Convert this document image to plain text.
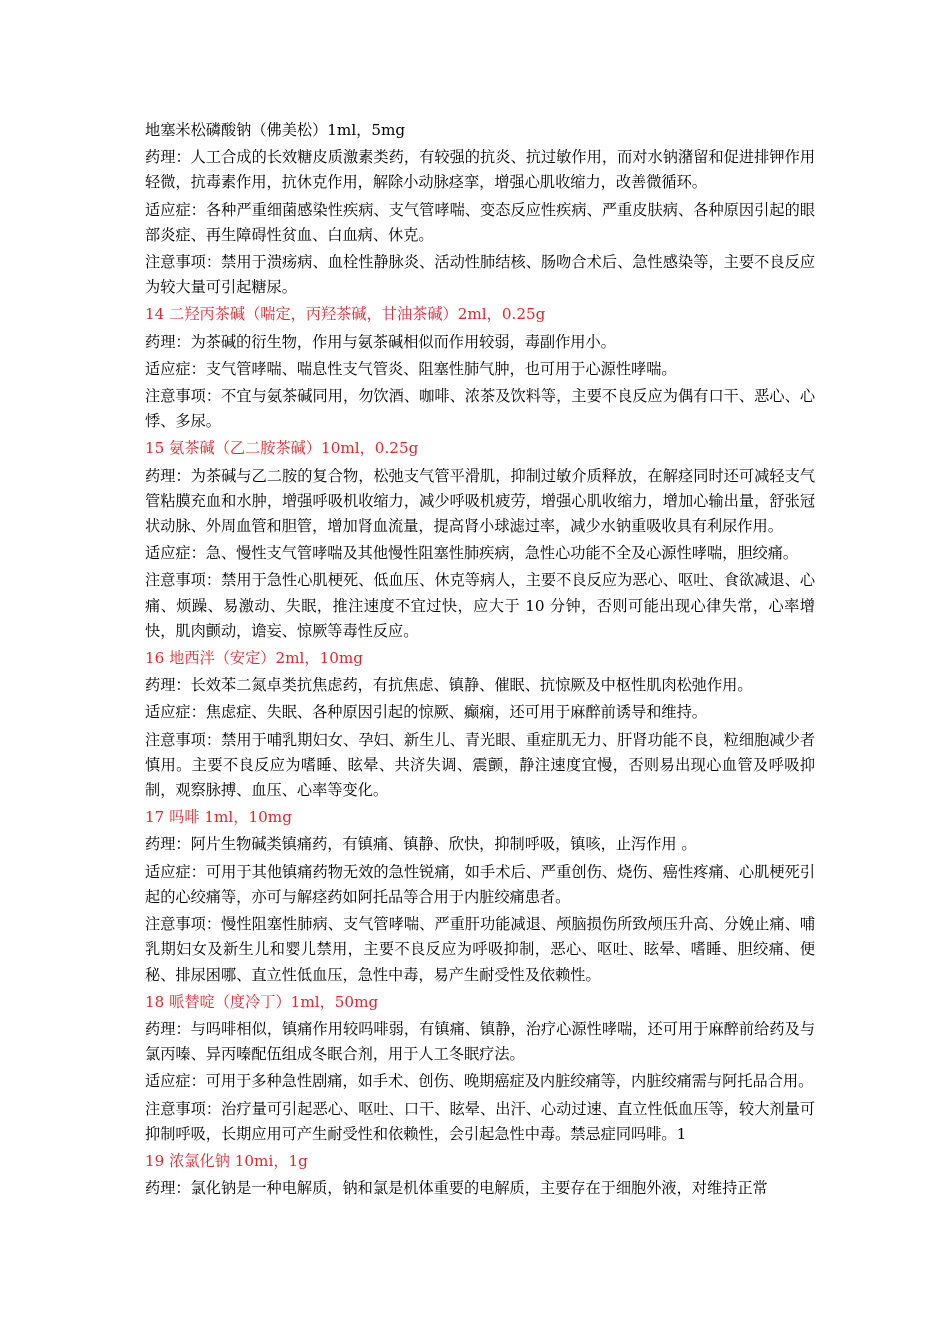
地塞米松磷酸钠（佛美松）1ml，5mg

药理：人工合成的长效糖皮质激素类药，有较强的抗炎、抗过敏作用，而对水钠潴留和促进排钾作用轻微，抗毒素作用，抗休克作用，解除小动脉痉挛，增强心肌收缩力，改善微循环。

适应症：各种严重细菌感染性疾病、支气管哮喘、变态反应性疾病、严重皮肤病、各种原因引起的眼部炎症、再生障碍性贫血、白血病、休克。

注意事项：禁用于溃疡病、血栓性静脉炎、活动性肺结核、肠吻合术后、急性感染等，主要不良反应为较大量可引起糖尿。

14 二羟丙茶碱（喘定，丙羟茶碱，甘油茶碱）2ml，0.25g

药理：为茶碱的衍生物，作用与氨茶碱相似而作用较弱，毒副作用小。

适应症：支气管哮喘、喘息性支气管炎、阻塞性肺气肿，也可用于心源性哮喘。

注意事项：不宜与氨茶碱同用，勿饮酒、咖啡、浓茶及饮料等，主要不良反应为偶有口干、恶心、心悸、多尿。

15 氨茶碱（乙二胺茶碱）10ml，0.25g

药理：为茶碱与乙二胺的复合物，松弛支气管平滑肌，抑制过敏介质释放，在解痉同时还可减轻支气管粘膜充血和水肿，增强呼吸机收缩力，减少呼吸机疲劳，增强心肌收缩力，增加心输出量，舒张冠状动脉、外周血管和胆管，增加肾血流量，提高肾小球滤过率，减少水钠重吸收具有利尿作用。

适应症：急、慢性支气管哮喘及其他慢性阻塞性肺疾病，急性心功能不全及心源性哮喘，胆绞痛。

注意事项：禁用于急性心肌梗死、低血压、休克等病人，主要不良反应为恶心、呕吐、食欲减退、心痛、烦躁、易激动、失眠，推注速度不宜过快，应大于 10 分钟，否则可能出现心律失常，心率增快，肌肉颤动，谵妄、惊厥等毒性反应。

16 地西泮（安定）2ml，10mg

药理：长效苯二氮卓类抗焦虑药，有抗焦虑、镇静、催眠、抗惊厥及中枢性肌肉松弛作用。

适应症：焦虑症、失眠、各种原因引起的惊厥、癫痫，还可用于麻醉前诱导和维持。

注意事项：禁用于哺乳期妇女、孕妇、新生儿、青光眼、重症肌无力、肝肾功能不良，粒细胞减少者慎用。主要不良反应为嗜睡、眩晕、共济失调、震颤，静注速度宜慢，否则易出现心血管及呼吸抑制，观察脉搏、血压、心率等变化。

17 吗啡 1ml，10mg

药理：阿片生物碱类镇痛药，有镇痛、镇静、欣快，抑制呼吸，镇咳，止泻作用 。

适应症：可用于其他镇痛药物无效的急性锐痛，如手术后、严重创伤、烧伤、癌性疼痛、心肌梗死引起的心绞痛等，亦可与解痉药如阿托品等合用于内脏绞痛患者。

注意事项：慢性阻塞性肺病、支气管哮喘、严重肝功能减退、颅脑损伤所致颅压升高、分娩止痛、哺乳期妇女及新生儿和婴儿禁用，主要不良反应为呼吸抑制，恶心、呕吐、眩晕、嗜睡、胆绞痛、便秘、排尿困哪、直立性低血压，急性中毒，易产生耐受性及依赖性。

18 哌替啶（度冷丁）1ml，50mg

药理：与吗啡相似，镇痛作用较吗啡弱，有镇痛、镇静，治疗心源性哮喘，还可用于麻醉前给药及与氯丙嗪、异丙嗪配伍组成冬眠合剂，用于人工冬眠疗法。

适应症：可用于多种急性剧痛，如手术、创伤、晚期癌症及内脏绞痛等，内脏绞痛需与阿托品合用。

注意事项：治疗量可引起恶心、呕吐、口干、眩晕、出汗、心动过速、直立性低血压等，较大剂量可抑制呼吸，长期应用可产生耐受性和依赖性，会引起急性中毒。禁忌症同吗啡。1

19 浓氯化钠 10mi，1g

药理：氯化钠是一种电解质，钠和氯是机体重要的电解质，主要存在于细胞外液，对维持正常
